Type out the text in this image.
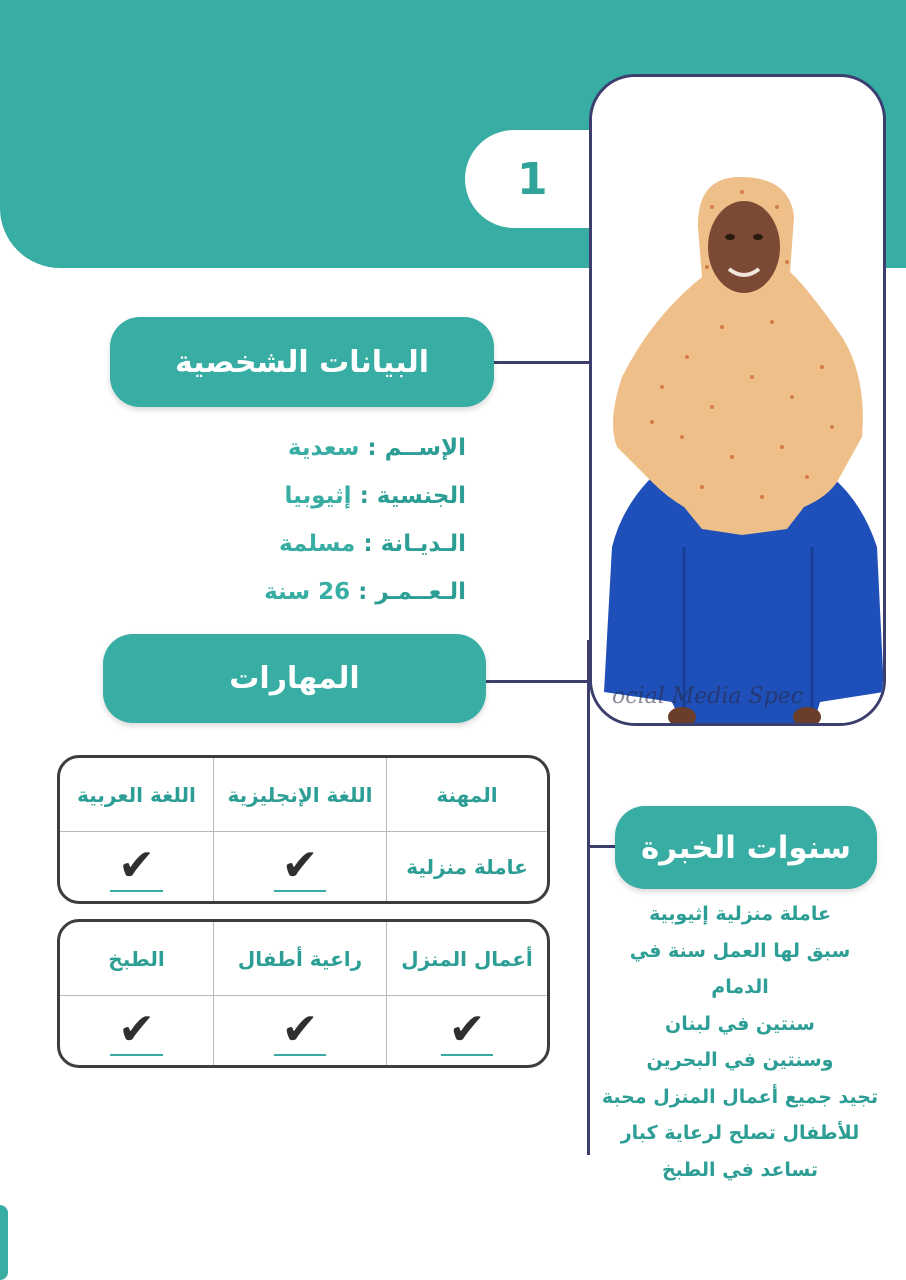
1
ocial Media Spec
البيانات الشخصية
المهارات
سنوات الخبرة
الإســم : سعدية
الجنسية : إثيوبيا
الـديـانة : مسلمة
الـعــمـر : 26 سنة
المهنة	اللغة الإنجليزية	اللغة العربية
عاملة منزلية	✔	✔
أعمال المنزل	راعية أطفال	الطبخ
✔	✔	✔
عاملة منزلية إثيوبية
سبق لها العمل سنة في
الدمام
سنتين في لبنان
وسنتين في البحرين
تجيد جميع أعمال المنزل محبة
للأطفال تصلح لرعاية كبار
تساعد في الطبخ
